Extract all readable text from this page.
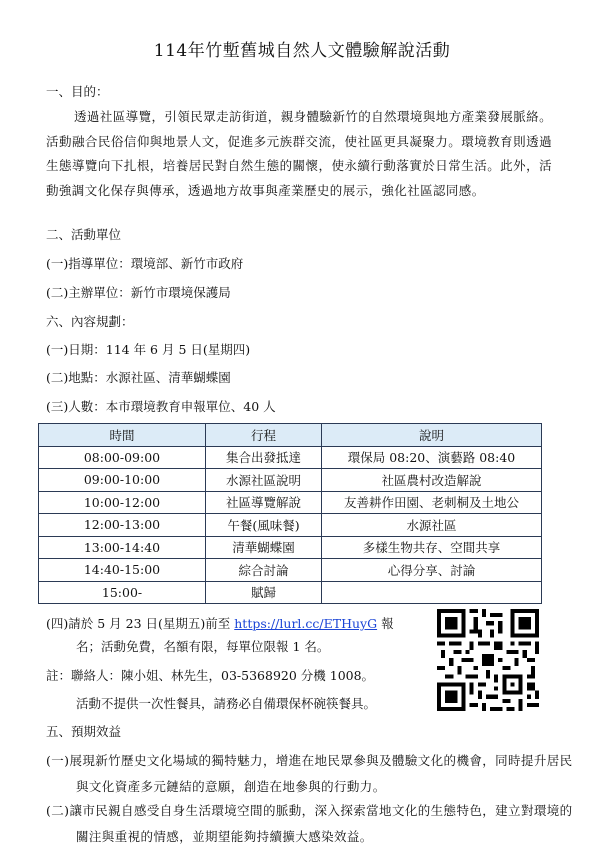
114年竹塹舊城自然人文體驗解說活動
一、目的：
透過社區導覽，引領民眾走訪街道，親身體驗新竹的自然環境與地方產業發展脈絡。活動融合民俗信仰與地景人文，促進多元族群交流，使社區更具凝聚力。環境教育則透過生態導覽向下扎根，培養居民對自然生態的關懷，使永續行動落實於日常生活。此外，活動強調文化保存與傳承，透過地方故事與產業歷史的展示，強化社區認同感。
二、活動單位
(一)指導單位：環境部、新竹市政府
(二)主辦單位：新竹市環境保護局
六、內容規劃：
(一)日期：114 年 6 月 5 日(星期四)
(二)地點：水源社區、清華蝴蝶園
(三)人數：本市環境教育申報單位、40 人
時間	行程	說明
08:00-09:00	集合出發抵達	環保局 08:20、演藝路 08:40
09:00-10:00	水源社區說明	社區農村改造解說
10:00-12:00	社區導覽解說	友善耕作田園、老刺桐及土地公
12:00-13:00	午餐(風味餐)	水源社區
13:00-14:40	清華蝴蝶園	多樣生物共存、空間共享
14:40-15:00	綜合討論	心得分享、討論
15:00-	賦歸	
(四)請於 5 月 23 日(星期五)前至 https://lurl.cc/ETHuyG 報
名；活動免費，名額有限，每單位限報 1 名。
註：聯絡人：陳小姐、林先生，03-5368920 分機 1008。
活動不提供一次性餐具，請務必自備環保杯碗筷餐具。
五、預期效益
(一)展現新竹歷史文化場域的獨特魅力，增進在地民眾參與及體驗文化的機會，同時提升居民與文化資產多元鏈結的意願，創造在地參與的行動力。
(二)讓市民親自感受自身生活環境空間的脈動，深入探索當地文化的生態特色，建立對環境的關注與重視的情感，並期望能夠持續擴大感染效益。
